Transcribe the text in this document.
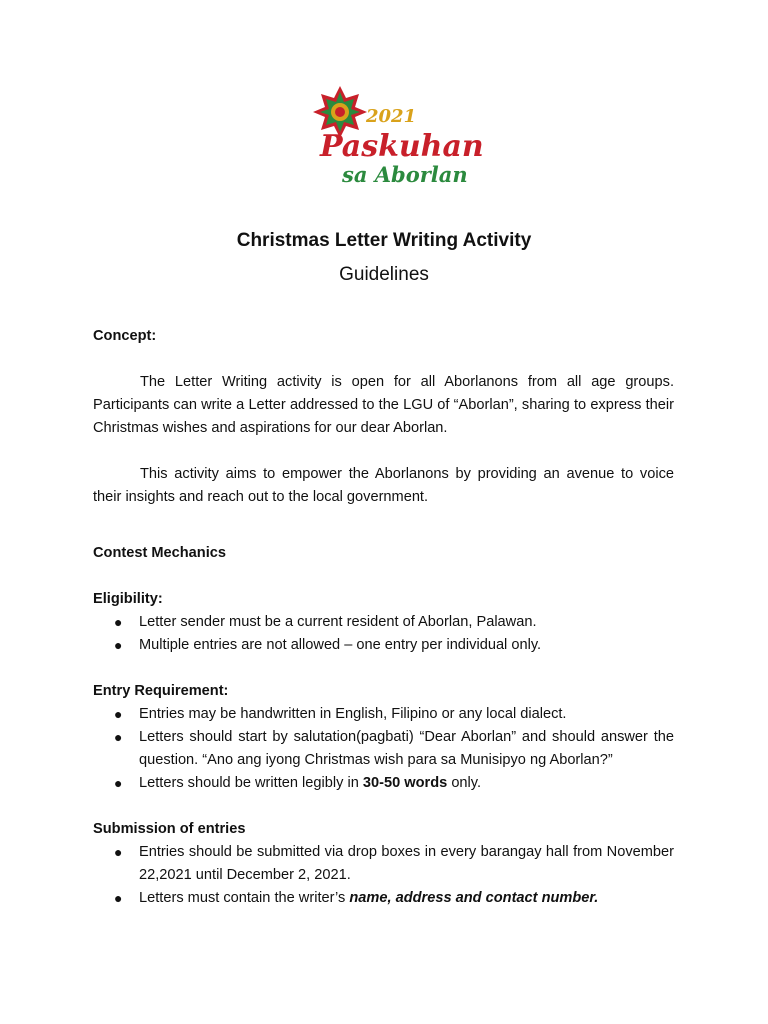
2021
Paskuhan
sa Aborlan
Christmas Letter Writing Activity
Guidelines

Concept:

The Letter Writing activity is open for all Aborlanons from all age groups. Participants can write a Letter addressed to the LGU of “Aborlan”, sharing to express their Christmas wishes and aspirations for our dear Aborlan.

This activity aims to empower the Aborlanons by providing an avenue to voice their insights and reach out to the local government.

Contest Mechanics

Eligibility:

● Letter sender must be a current resident of Aborlan, Palawan.
● Multiple entries are not allowed – one entry per individual only.

Entry Requirement:

● Entries may be handwritten in English, Filipino or any local dialect.
● Letters should start by salutation(pagbati) “Dear Aborlan” and should answer the question. “Ano ang iyong Christmas wish para sa Munisipyo ng Aborlan?”
● Letters should be written legibly in 30-50 words only.

Submission of entries

● Entries should be submitted via drop boxes in every barangay hall from November 22,2021 until December 2, 2021.
● Letters must contain the writer’s name, address and contact number.
